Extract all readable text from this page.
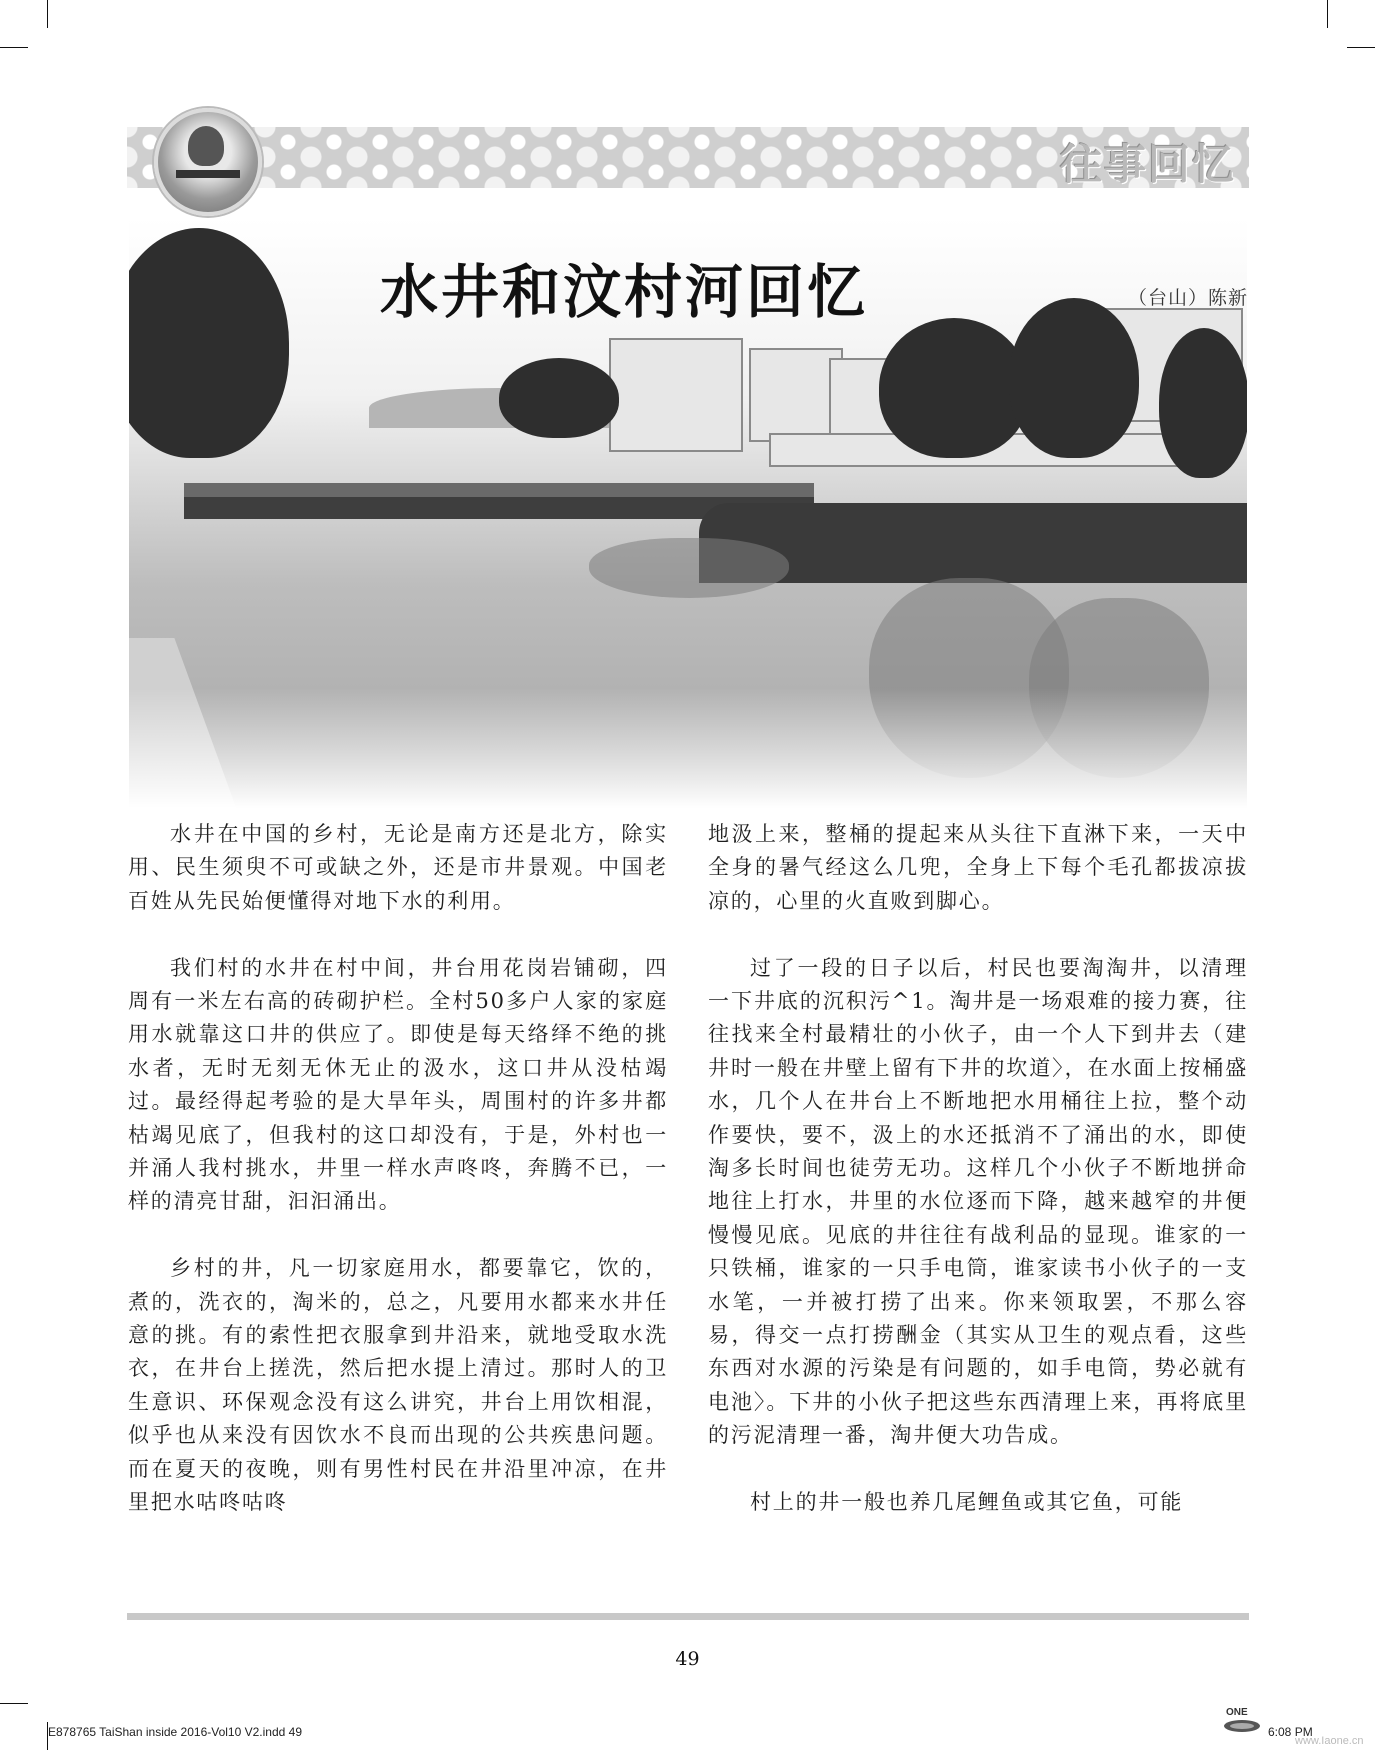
往事回忆
水井和汶村河回忆	（台山）陈新

水井在中国的乡村，无论是南方还是北方，除实用、民生须臾不可或缺之外，还是市井景观。中国老百姓从先民始便懂得对地下水的利用。

我们村的水井在村中间，井台用花岗岩铺砌，四周有一米左右高的砖砌护栏。全村50多户人家的家庭用水就靠这口井的供应了。即使是每天络绎不绝的挑水者，无时无刻无休无止的汲水，这口井从没枯竭过。最经得起考验的是大旱年头，周围村的许多井都枯竭见底了，但我村的这口却没有，于是，外村也一并涌人我村挑水，井里一样水声咚咚，奔腾不已，一样的清亮甘甜，汩汩涌出。

乡村的井，凡一切家庭用水，都要靠它，饮的，煮的，洗衣的，淘米的，总之，凡要用水都来水井任意的挑。有的索性把衣服拿到井沿来，就地受取水洗衣，在井台上搓洗，然后把水提上清过。那时人的卫生意识、环保观念没有这么讲究，井台上用饮相混，似乎也从来没有因饮水不良而出现的公共疾患问题。而在夏天的夜晚，则有男性村民在井沿里冲凉，在井里把水咕咚咕咚

地汲上来，整桶的提起来从头往下直淋下来，一天中全身的暑气经这么几兜，全身上下每个毛孔都拔凉拔凉的，心里的火直败到脚心。

过了一段的日子以后，村民也要淘淘井，以清理一下井底的沉积污^1。淘井是一场艰难的接力赛，往往找来全村最精壮的小伙子，由一个人下到井去（建井时一般在井壁上留有下井的坎道〉，在水面上按桶盛水，几个人在井台上不断地把水用桶往上拉，整个动作要快，要不，汲上的水还抵消不了涌出的水，即使淘多长时间也徒劳无功。这样几个小伙子不断地拼命地往上打水，井里的水位逐而下降，越来越窄的井便慢慢见底。见底的井往往有战利品的显现。谁家的一只铁桶，谁家的一只手电筒，谁家读书小伙子的一支水笔，一并被打捞了出来。你来领取罢，不那么容易，得交一点打捞酬金（其实从卫生的观点看，这些东西对水源的污染是有问题的，如手电筒，势必就有电池〉。下井的小伙子把这些东西清理上来，再将底里的污泥清理一番，淘井便大功告成。

村上的井一般也养几尾鲤鱼或其它鱼，可能

49
E878765 TaiShan inside 2016-Vol10 V2.indd 49
ONE
6:08 PM
www.Iaone.cn
